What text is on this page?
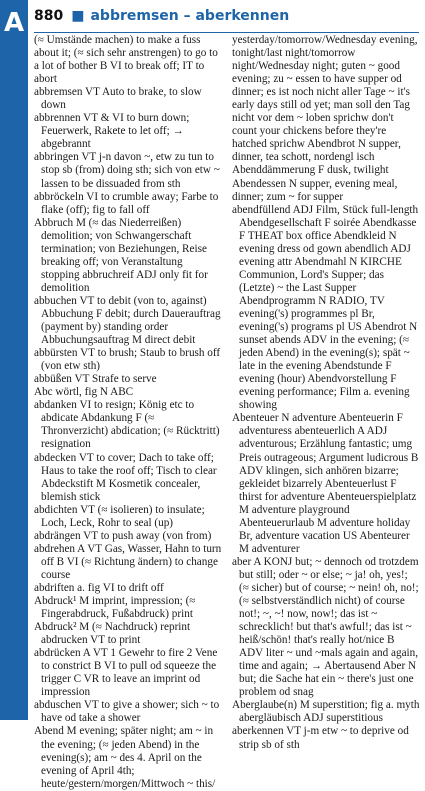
A 880 ■ abbremsen – aberkennen

(≈ Umstände machen) to make a fuss about it; (≈ sich sehr anstrengen) to go to a lot of bother B VI to break off; IT to abort

abbremsen VT Auto to brake, to slow down

abbrennen VT & VI to burn down; Feuerwerk, Rakete to let off; → abgebrannt

abbringen VT j-n davon ~, etw zu tun to stop sb (from) doing sth; sich von etw ~ lassen to be dissuaded from sth

abbröckeln VI to crumble away; Farbe to flake (off); fig to fall off

Abbruch M (≈ das Niederreißen) demolition; von Schwangerschaft termination; von Beziehungen, Reise breaking off; von Veranstaltung stopping abbruchreif ADJ only fit for demolition

abbuchen VT to debit (von to, against) Abbuchung F debit; durch Dauerauftrag (payment by) standing order Abbuchungsauftrag M direct debit

abbürsten VT to brush; Staub to brush off (von etw sth)

abbüßen VT Strafe to serve

Abc wörtl, fig N ABC

abdanken VI to resign; König etc to abdicate Abdankung F (≈ Thronverzicht) abdication; (≈ Rücktritt) resignation

abdecken VT to cover; Dach to take off; Haus to take the roof off; Tisch to clear Abdeckstift M Kosmetik concealer, blemish stick

abdichten VT (≈ isolieren) to insulate; Loch, Leck, Rohr to seal (up)

abdrängen VT to push away (von from)

abdrehen A VT Gas, Wasser, Hahn to turn off B VI (≈ Richtung ändern) to change course

abdriften a. fig VI to drift off

Abdruck¹ M imprint, impression; (≈ Fingerabdruck, Fußabdruck) print

Abdruck² M (≈ Nachdruck) reprint abdrucken VT to print

abdrücken A VT 1 Gewehr to fire 2 Vene to constrict B VI to pull od squeeze the trigger C VR to leave an imprint od impression

abduschen VT to give a shower; sich ~ to have od take a shower

Abend M evening; später night; am ~ in the evening; (≈ jeden Abend) in the evening(s); am ~ des 4. April on the evening of April 4th; heute/gestern/morgen/Mittwoch ~ this/

yesterday/tomorrow/Wednesday evening, tonight/last night/tomorrow night/Wednesday night; guten ~ good evening; zu ~ essen to have supper od dinner; es ist noch nicht aller Tage ~ it's early days still od yet; man soll den Tag nicht vor dem ~ loben sprichw don't count your chickens before they're hatched sprichw Abendbrot N supper, dinner, tea schott, nordengl isch Abenddämmerung F dusk, twilight Abendessen N supper, evening meal, dinner; zum ~ for supper

abendfüllend ADJ Film, Stück full-length Abendgesellschaft F soirée Abendkasse F THEAT box office Abendkleid N evening dress od gown abendlich ADJ evening attr Abendmahl N KIRCHE Communion, Lord's Supper; das (Letzte) ~ the Last Supper Abendprogramm N RADIO, TV evening('s) programmes pl Br, evening('s) programs pl US Abendrot N sunset abends ADV in the evening; (≈ jeden Abend) in the evening(s); spät ~ late in the evening Abendstunde F evening (hour) Abendvorstellung F evening performance; Film a. evening showing

Abenteuer N adventure Abenteuerin F adventuress abenteuerlich A ADJ adventurous; Erzählung fantastic; umg Preis outrageous; Argument ludicrous B ADV klingen, sich anhören bizarre; gekleidet bizarrely Abenteuerlust F thirst for adventure Abenteuerspielplatz M adventure playground Abenteuerurlaub M adventure holiday Br, adventure vacation US Abenteurer M adventurer

aber A KONJ but; ~ dennoch od trotzdem but still; oder ~ or else; ~ ja! oh, yes!; (≈ sicher) but of course; ~ nein! oh, no!; (≈ selbstverständlich nicht) of course not!; ~, ~! now, now!; das ist ~ schrecklich! but that's awful!; das ist ~ heiß/schön! that's really hot/nice B ADV liter ~ und ~mals again and again, time and again; → Abertausend Aber N but; die Sache hat ein ~ there's just one problem od snag

Aberglaube(n) M superstition; fig a. myth abergläubisch ADJ superstitious

aberkennen VT j-m etw ~ to deprive od strip sb of sth
